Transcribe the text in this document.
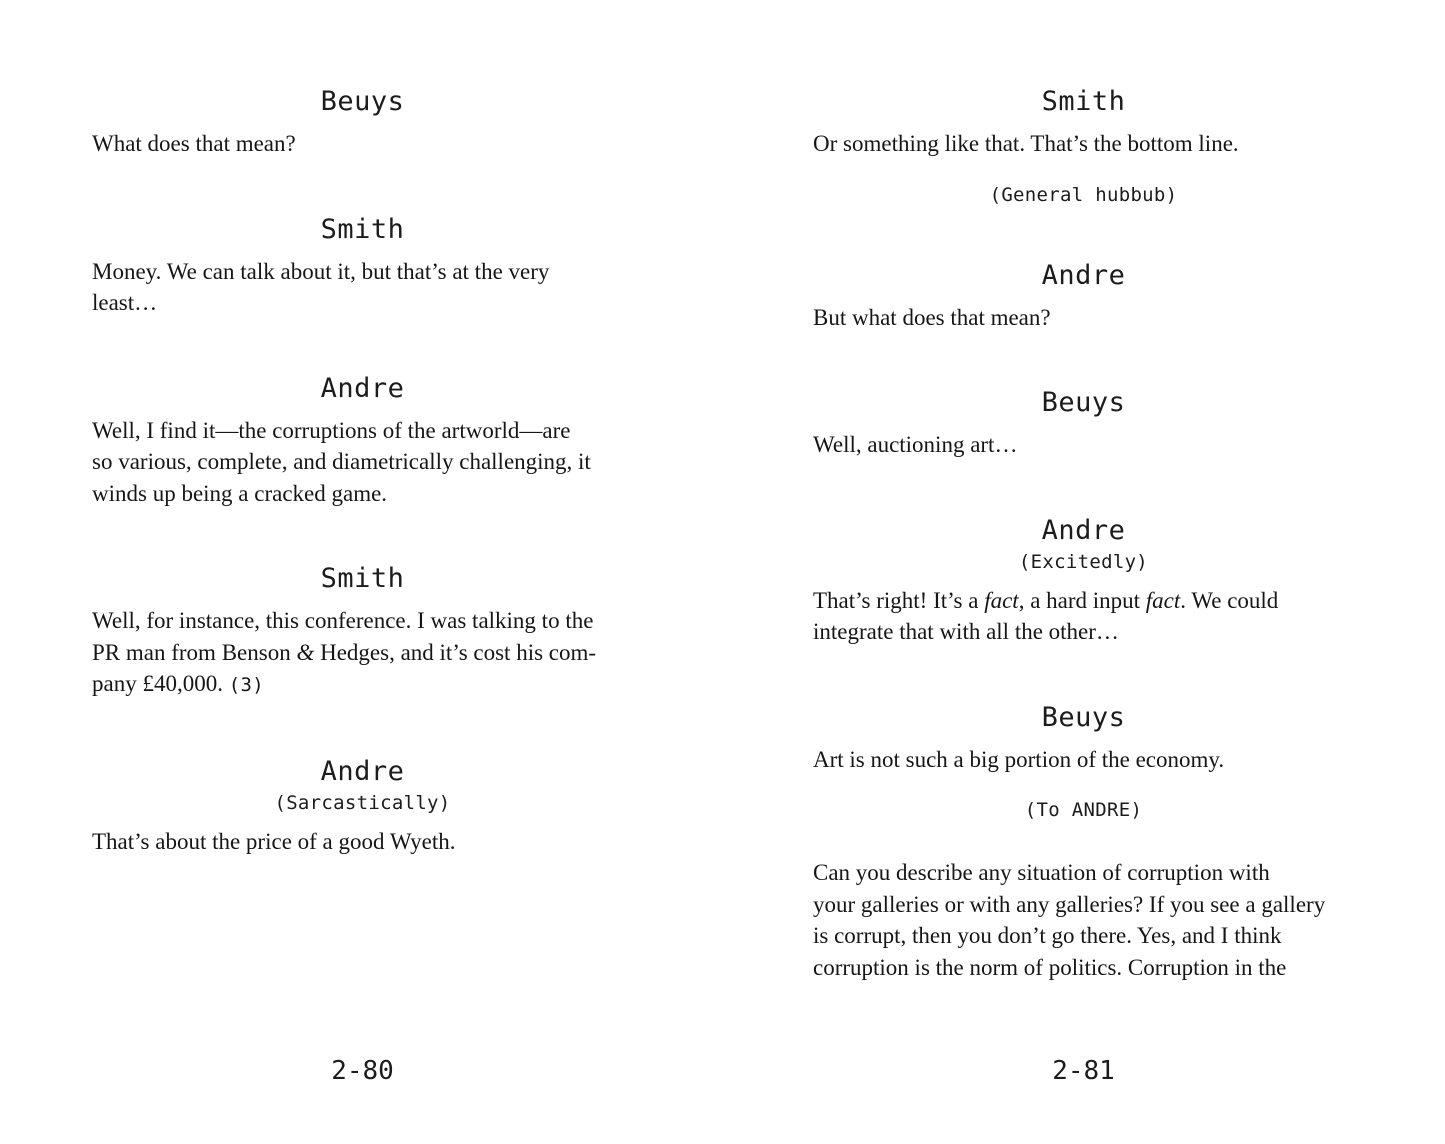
Beuys

What does that mean?

Smith

Money. We can talk about it, but that’s at the very
least…

Andre

Well, I find it—the corruptions of the artworld—are
so various, complete, and diametrically challenging, it
winds up being a cracked game.

Smith

Well, for instance, this conference. I was talking to the
PR man from Benson & Hedges, and it’s cost his com-
pany £40,000. (3)

Andre
(Sarcastically)

That’s about the price of a good Wyeth.

2-80
Smith

Or something like that. That’s the bottom line.

(General hubbub)
Andre

But what does that mean?

Beuys

Well, auctioning art…

Andre
(Excitedly)

That’s right! It’s a fact, a hard input fact. We could
integrate that with all the other…

Beuys

Art is not such a big portion of the economy.

(To ANDRE)

Can you describe any situation of corruption with
your galleries or with any galleries? If you see a gallery
is corrupt, then you don’t go there. Yes, and I think
corruption is the norm of politics. Corruption in the

2-81
